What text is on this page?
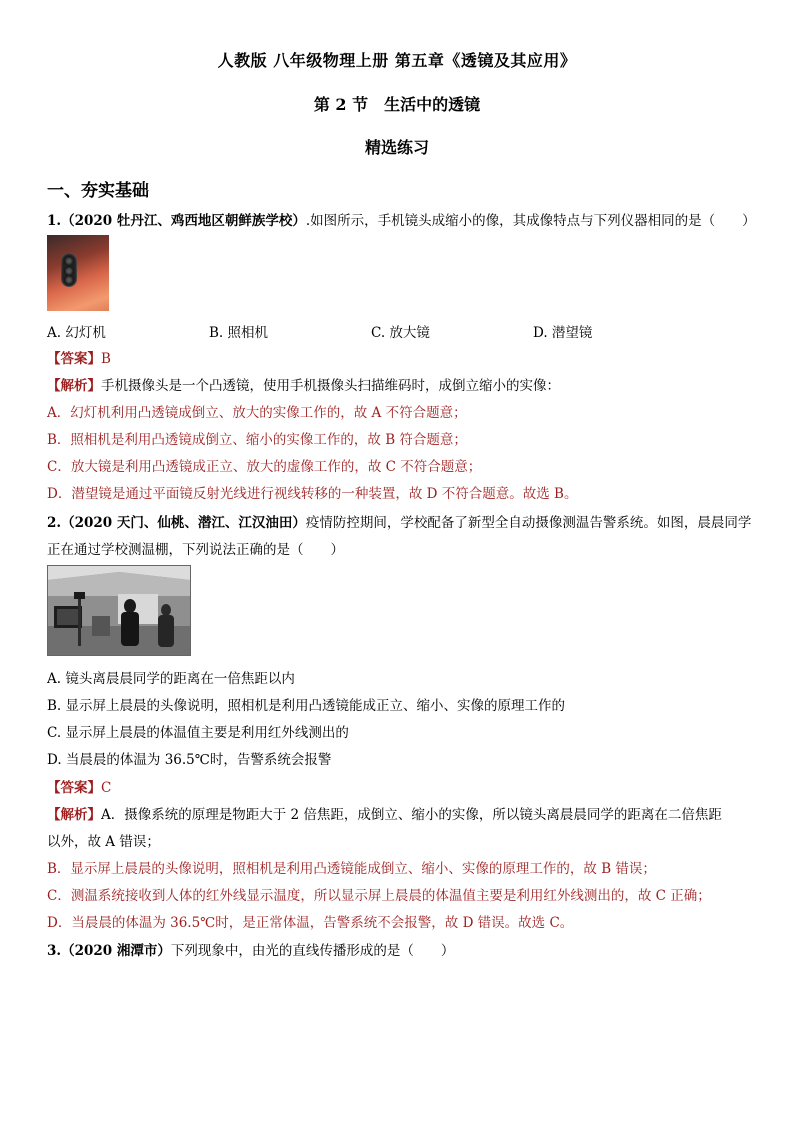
人教版 八年级物理上册 第五章《透镜及其应用》
第 2 节　生活中的透镜
精选练习
一、夯实基础
1.（2020 牡丹江、鸡西地区朝鲜族学校）.如图所示，手机镜头成缩小的像，其成像特点与下列仪器相同的是（　　）
A. 幻灯机	B. 照相机	C. 放大镜	D. 潜望镜
【答案】B
【解析】手机摄像头是一个凸透镜，使用手机摄像头扫描维码时，成倒立缩小的实像：
A．幻灯机利用凸透镜成倒立、放大的实像工作的，故 A 不符合题意；
B．照相机是利用凸透镜成倒立、缩小的实像工作的，故 B 符合题意；
C．放大镜是利用凸透镜成正立、放大的虚像工作的，故 C 不符合题意；
D．潜望镜是通过平面镜反射光线进行视线转移的一种装置，故 D 不符合题意。故选 B。
2.（2020 天门、仙桃、潜江、江汉油田）疫情防控期间，学校配备了新型全自动摄像测温告警系统。如图，晨晨同学
正在通过学校测温棚，下列说法正确的是（　　）
A. 镜头离晨晨同学的距离在一倍焦距以内
B. 显示屏上晨晨的头像说明，照相机是利用凸透镜能成正立、缩小、实像的原理工作的
C. 显示屏上晨晨的体温值主要是利用红外线测出的
D. 当晨晨的体温为 36.5℃时，告警系统会报警
【答案】C
【解析】A．摄像系统的原理是物距大于 2 倍焦距，成倒立、缩小的实像，所以镜头离晨晨同学的距离在二倍焦距
以外，故 A 错误；
B．显示屏上晨晨的头像说明，照相机是利用凸透镜能成倒立、缩小、实像的原理工作的，故 B 错误；
C．测温系统接收到人体的红外线显示温度，所以显示屏上晨晨的体温值主要是利用红外线测出的，故 C 正确；
D．当晨晨的体温为 36.5℃时，是正常体温，告警系统不会报警，故 D 错误。故选 C。
3.（2020 湘潭市）下列现象中，由光的直线传播形成的是（　　）
